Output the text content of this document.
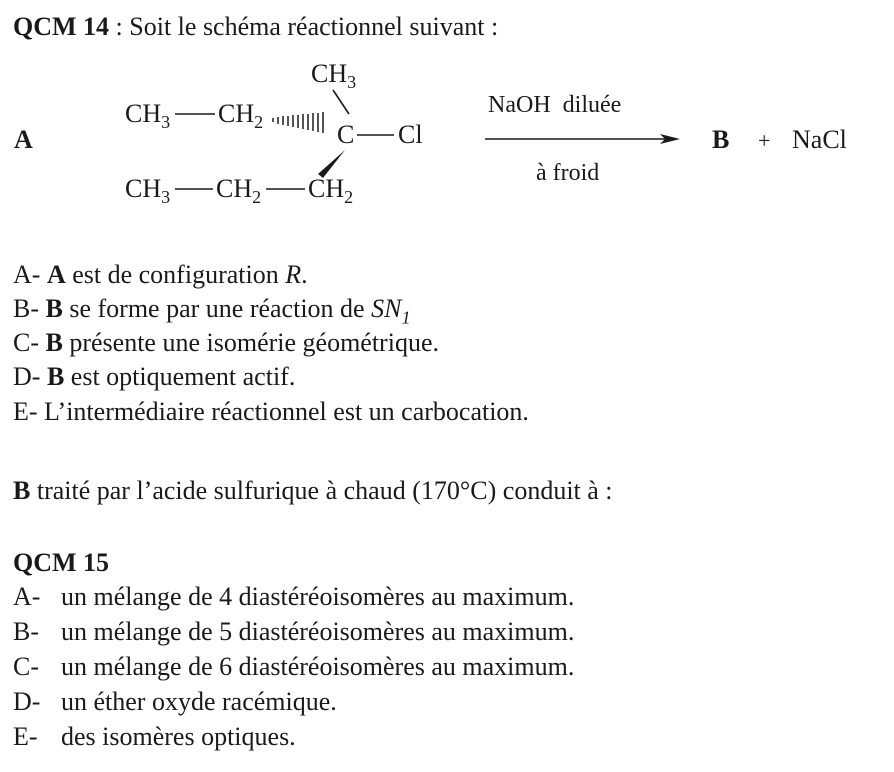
QCM 14 : Soit le schéma réactionnel suivant :
A
$CH_3$
$CH_3$ $CH_2$	C Cl
$CH_3$ $CH_2$ $CH_2$
NaOH  diluée
à froid
B + NaCl
A- A est de configuration R.
B- B se forme par une réaction de $SN_1$
C- B présente une isomérie géométrique.
D- B est optiquement actif.
E- L’intermédiaire réactionnel est un carbocation.
B traité par l’acide sulfurique à chaud (170°C) conduit à :
QCM 15
A- un mélange de 4 diastéréoisomères au maximum.
B- un mélange de 5 diastéréoisomères au maximum.
C- un mélange de 6 diastéréoisomères au maximum.
D- un éther oxyde racémique.
E- des isomères optiques.
